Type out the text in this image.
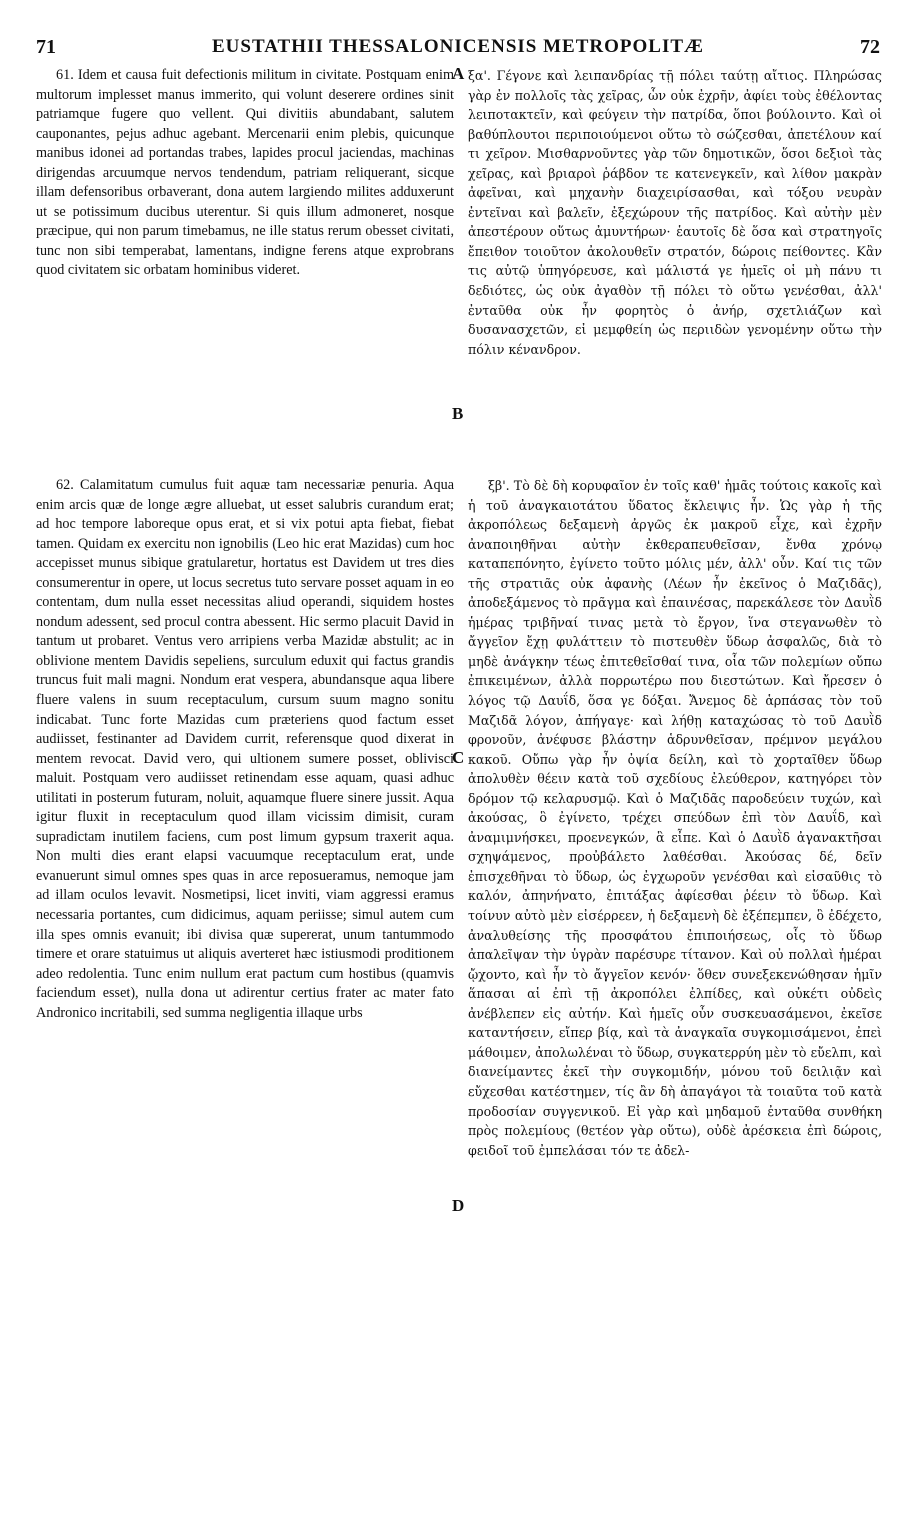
71	EUSTATHII THESSALONICENSIS METROPOLITÆ	72

61. Idem et causa fuit defectionis militum in civitate. Postquam enim multorum implesset manus immerito, qui volunt deserere ordines sinit patriamque fugere quo vellent. Qui divitiis abundabant, salutem cauponantes, pejus adhuc agebant. Mercenarii enim plebis, quicunque manibus idonei ad portandas trabes, lapides procul jaciendas, machinas dirigendas arcuumque nervos tendendum, patriam reliquerant, sicque illam defensoribus orbaverant, dona autem largiendo milites adduxerunt ut se potissimum ducibus uterentur. Si quis illum admoneret, nosque præcipue, qui non parum timebamus, ne ille status rerum obesset civitati, tunc non sibi temperabat, lamentans, indigne ferens atque exprobrans quod civitatem sic orbatam hominibus videret.

62. Calamitatum cumulus fuit aquæ tam necessariæ penuria. Aqua enim arcis quæ de longe ægre alluebat, ut esset salubris curandum erat; ad hoc tempore laboreque opus erat, et si vix potui apta fiebat, fiebat tamen. Quidam ex exercitu non ignobilis (Leo hic erat Mazidas) cum hoc accepisset munus sibique gratularetur, hortatus est Davidem ut tres dies consumerentur in opere, ut locus secretus tuto servare posset aquam in eo contentam, dum nulla esset necessitas aliud operandi, siquidem hostes nondum adessent, sed procul contra abessent. Hic sermo placuit David in tantum ut probaret. Ventus vero arripiens verba Mazidæ abstulit; ac in oblivione mentem Davidis sepeliens, surculum eduxit qui factus grandis truncus fuit mali magni. Nondum erat vespera, abundansque aqua libere fluere valens in suum receptaculum, cursum suum magno sonitu indicabat. Tunc forte Mazidas cum præteriens quod factum esset audiisset, festinanter ad Davidem currit, referensque quod dixerat in mentem revocat. David vero, qui ultionem sumere posset, oblivisci maluit. Postquam vero audiisset retinendam esse aquam, quasi adhuc utilitati in posterum futuram, noluit, aquamque fluere sinere jussit. Aqua igitur fluxit in receptaculum quod illam vicissim dimisit, curam supradictam inutilem faciens, cum post limum gypsum traxerit aqua. Non multi dies erant elapsi vacuumque receptaculum erat, unde evanuerunt simul omnes spes quas in arce reposueramus, nemoque jam ad illam oculos levavit. Nosmetipsi, licet inviti, viam aggressi eramus necessaria portantes, cum didicimus, aquam periisse; simul autem cum illa spes omnis evanuit; ibi divisa quæ supererat, unum tantummodo timere et orare statuimus ut aliquis averteret hæc istiusmodi proditionem adeo redolentia. Tunc enim nullum erat pactum cum hostibus (quamvis faciendum esset), nulla dona ut adirentur certius frater ac mater fato Andronico incritabili, sed summa negligentia illaque urbs

ξα'. Γέγονε καὶ λειπανδρίας τῇ πόλει ταύτῃ αἴτιος. Πληρώσας γὰρ ἐν πολλοῖς τὰς χεῖρας, ὧν οὐκ ἐχρῆν, ἀφίει τοὺς ἐθέλοντας λειποτακτεῖν, καὶ φεύγειν τὴν πατρίδα, ὅποι βούλοιντο. Καὶ οἱ βαθύπλουτοι περιποιούμενοι οὕτω τὸ σώζεσθαι, ἀπετέλουν καί τι χεῖρον. Μισθαρνοῦντες γὰρ τῶν δημοτικῶν, ὅσοι δεξιοὶ τὰς χεῖρας, καὶ βριαροὶ ῥάβδον τε κατενεγκεῖν, καὶ λίθον μακρὰν ἀφεῖναι, καὶ μηχανὴν διαχειρίσασθαι, καὶ τόξου νευρὰν ἐντεῖναι καὶ βαλεῖν, ἐξεχώρουν τῆς πατρίδος. Καὶ αὐτὴν μὲν ἀπεστέρουν οὕτως ἀμυντήρων· ἑαυτοῖς δὲ ὅσα καὶ στρατηγοῖς ἔπειθον τοιοῦτον ἀκολουθεῖν στρατόν, δώροις πείθοντες. Κἂν τις αὐτῷ ὑπηγόρευσε, καὶ μάλιστά γε ἡμεῖς οἱ μὴ πάνυ τι δεδιότες, ὡς οὐκ ἀγαθὸν τῇ πόλει τὸ οὕτω γενέσθαι, ἀλλ' ἐνταῦθα οὐκ ἦν φορητὸς ὁ ἀνήρ, σχετλιάζων καὶ δυσανασχετῶν, εἰ μεμφθείη ὡς περιιδὼν γενομένην οὕτω τὴν πόλιν κένανδρον.

ξβ'. Τὸ δὲ δὴ κορυφαῖον ἐν τοῖς καθ' ἡμᾶς τούτοις κακοῖς καὶ ἡ τοῦ ἀναγκαιοτάτου ὕδατος ἔκλειψις ἦν. Ὡς γὰρ ἡ τῆς ἀκροπόλεως δεξαμενὴ ἀργῶς ἐκ μακροῦ εἶχε, καὶ ἐχρῆν ἀναποιηθῆναι αὐτὴν ἐκθεραπευθεῖσαν, ἔνθα χρόνῳ καταπεπόνητο, ἐγίνετο τοῦτο μόλις μέν, ἀλλ' οὖν. Καί τις τῶν τῆς στρατιᾶς οὐκ ἀφανὴς (Λέων ἦν ἐκεῖνος ὁ Μαζιδᾶς), ἀποδεξάμενος τὸ πρᾶγμα καὶ ἐπαινέσας, παρεκάλεσε τὸν Δαυῒδ ἡμέρας τριβῆναί τινας μετὰ τὸ ἔργον, ἵνα στεγανωθὲν τὸ ἄγγεῖον ἔχῃ φυλάττειν τὸ πιστευθὲν ὕδωρ ἀσφαλῶς, διὰ τὸ μηδὲ ἀνάγκην τέως ἐπιτεθεῖσθαί τινα, οἷα τῶν πολεμίων οὔπω ἐπικειμένων, ἀλλὰ πορρωτέρω που διεστώτων. Καὶ ἤρεσεν ὁ λόγος τῷ Δαυΐδ, ὅσα γε δόξαι. Ἄνεμος δὲ ἁρπάσας τὸν τοῦ Μαζιδᾶ λόγον, ἀπήγαγε· καὶ λήθῃ καταχώσας τὸ τοῦ Δαυῒδ φρονοῦν, ἀνέφυσε βλάστην ἁδρυνθεῖσαν, πρέμνον μεγάλου κακοῦ. Οὔπω γὰρ ἦν ὀψία δείλη, καὶ τὸ χορταῖθεν ὕδωρ ἀπολυθὲν θέειν κατὰ τοῦ σχεδίους ἐλεύθερον, κατηγόρει τὸν δρόμον τῷ κελαρυσμῷ. Καὶ ὁ Μαζιδᾶς παροδεύειν τυχών, καὶ ἀκούσας, ὃ ἐγίνετο, τρέχει σπεύδων ἐπὶ τὸν Δαυΐδ, καὶ ἀναμιμνήσκει, προενεγκών, ἃ εἶπε. Καὶ ὁ Δαυῒδ ἀγανακτῆσαι σχηψάμενος, προὐβάλετο λαθέσθαι. Ἀκούσας δέ, δεῖν ἐπισχεθῆναι τὸ ὕδωρ, ὡς ἐγχωροῦν γενέσθαι καὶ εἰσαῦθις τὸ καλόν, ἀπηνήνατο, ἐπιτάξας ἀφίεσθαι ῥέειν τὸ ὕδωρ. Καὶ τοίνυν αὐτὸ μὲν εἰσέρρεεν, ἡ δεξαμενὴ δὲ ἐξέπεμπεν, ὃ ἐδέχετο, ἀναλυθείσης τῆς προσφάτου ἐπιποιήσεως, οἷς τὸ ὕδωρ ἀπαλεῖψαν τὴν ὑγρὰν παρέσυρε τίτανον. Καὶ οὐ πολλαὶ ἡμέραι ᾤχοντο, καὶ ἦν τὸ ἄγγεῖον κενόν· ὅθεν συνεξεκενώθησαν ἡμῖν ἅπασαι αἱ ἐπὶ τῇ ἀκροπόλει ἐλπίδες, καὶ οὐκέτι οὐδεὶς ἀνέβλεπεν εἰς αὐτήν. Καὶ ἡμεῖς οὖν συσκευασάμενοι, ἐκεῖσε καταντήσειν, εἴπερ βίᾳ, καὶ τὰ ἀναγκαῖα συγκομισάμενοι, ἐπεὶ μάθοιμεν, ἀπολωλέναι τὸ ὕδωρ, συγκατερρύη μὲν τὸ εὔελπι, καὶ διανείμαντες ἐκεῖ τὴν συγκομιδήν, μόνου τοῦ δειλιᾷν καὶ εὔχεσθαι κατέστημεν, τίς ἂν δὴ ἀπαγάγοι τὰ τοιαῦτα τοῦ κατὰ προδοσίαν συγγενικοῦ. Εἰ γὰρ καὶ μηδαμοῦ ἐνταῦθα συνθήκη πρὸς πολεμίους (θετέον γὰρ οὕτω), οὐδὲ ἀρέσκεια ἐπὶ δώροις, φειδοῖ τοῦ ἐμπελάσαι τόν τε ἀδελ-

A
B
C
D
